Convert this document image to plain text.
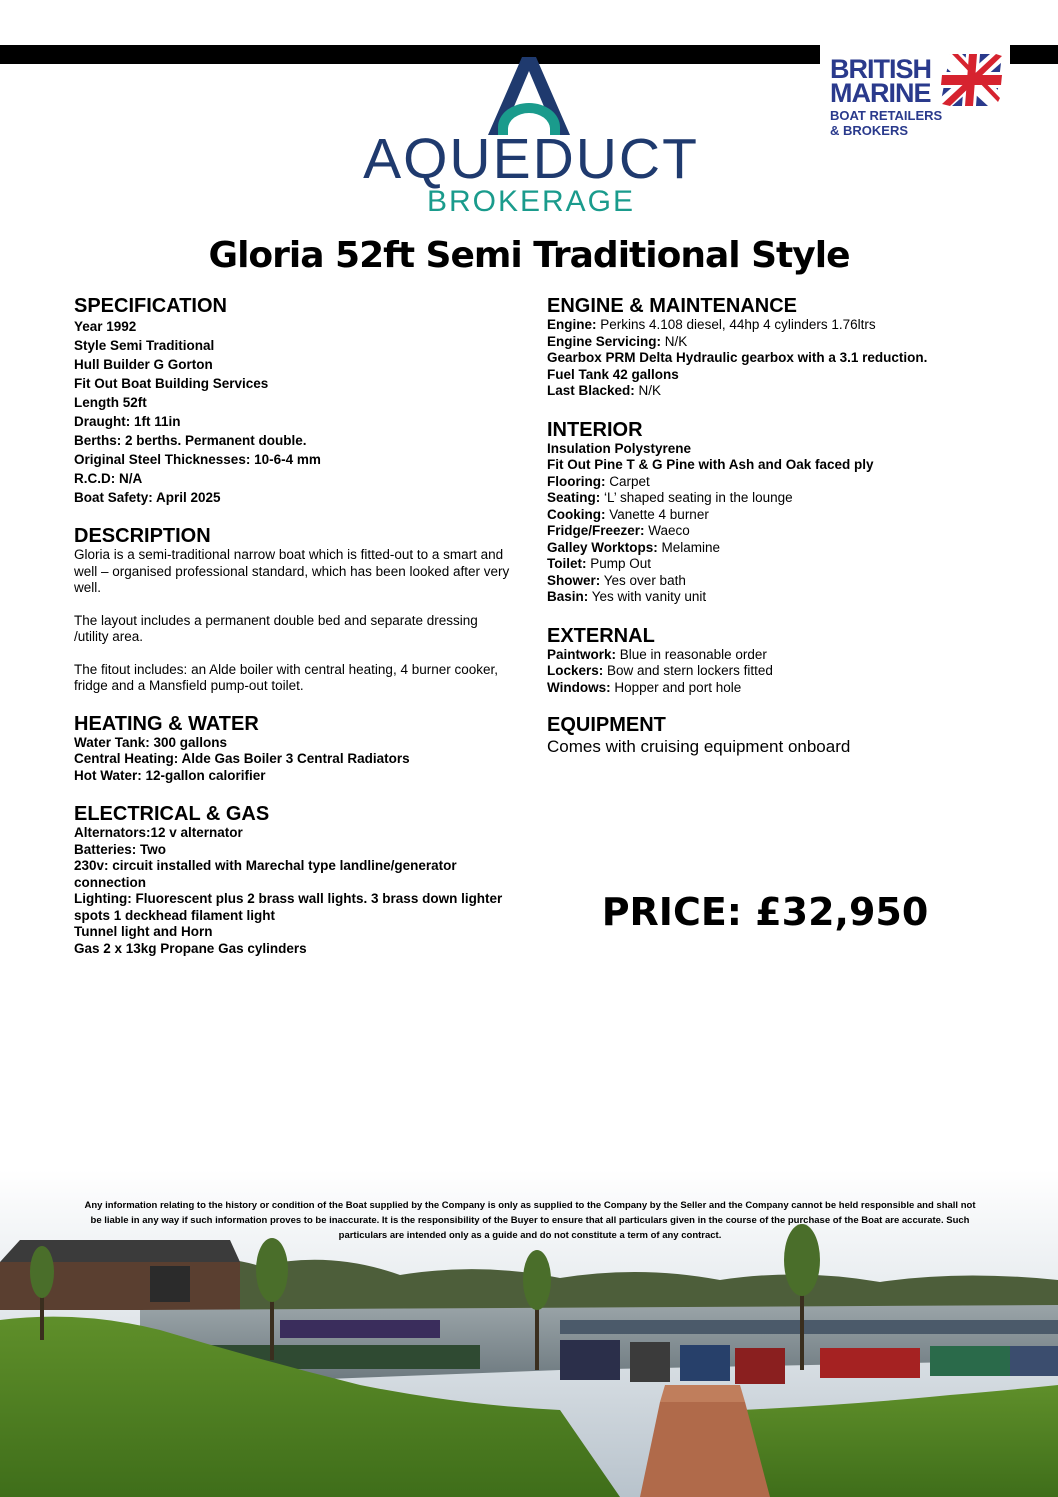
BRITISH
MARINE
BOAT RETAILERS
& BROKERS
AQUEDUCT
BROKERAGE
Gloria 52ft Semi Traditional Style
SPECIFICATION
Year 1992
Style Semi Traditional
Hull Builder G Gorton
Fit Out Boat Building Services
Length 52ft
Draught: 1ft 11in
Berths: 2 berths. Permanent double.
Original Steel Thicknesses: 10-6-4 mm
R.C.D: N/A
Boat Safety: April 2025
DESCRIPTION

Gloria is a semi-traditional narrow boat which is fitted-out to a smart and well – organised professional standard, which has been looked after very well.

The layout includes a permanent double bed and separate dressing /utility area.

The fitout includes: an Alde boiler with central heating, 4 burner cooker, fridge and a Mansfield pump-out toilet.

HEATING & WATER
Water Tank: 300 gallons
Central Heating: Alde Gas Boiler 3 Central Radiators
Hot Water: 12-gallon calorifier
ELECTRICAL & GAS
Alternators:12 v alternator
Batteries: Two
230v: circuit installed with Marechal type landline/generator connection
Lighting: Fluorescent plus 2 brass wall lights. 3 brass down lighter spots 1 deckhead filament light
Tunnel light and Horn
Gas 2 x 13kg Propane Gas cylinders
ENGINE & MAINTENANCE
Engine: Perkins 4.108 diesel, 44hp 4 cylinders 1.76ltrs
Engine Servicing: N/K
Gearbox PRM Delta Hydraulic gearbox with a 3.1 reduction.
Fuel Tank 42 gallons
Last Blacked: N/K
INTERIOR
Insulation Polystyrene
Fit Out Pine T & G Pine with Ash and Oak faced ply
Flooring: Carpet
Seating: ‘L’ shaped seating in the lounge
Cooking: Vanette 4 burner
Fridge/Freezer: Waeco
Galley Worktops: Melamine
Toilet: Pump Out
Shower: Yes over bath
Basin: Yes with vanity unit
EXTERNAL
Paintwork: Blue in reasonable order
Lockers: Bow and stern lockers fitted
Windows: Hopper and port hole
EQUIPMENT
Comes with cruising equipment onboard
PRICE: £32,950
Any information relating to the history or condition of the Boat supplied by the Company is only as supplied to the Company by the Seller and the Company cannot be held responsible and shall not be liable in any way if such information proves to be inaccurate. It is the responsibility of the Buyer to ensure that all particulars given in the course of the purchase of the Boat are accurate. Such particulars are intended only as a guide and do not constitute a term of any contract.
